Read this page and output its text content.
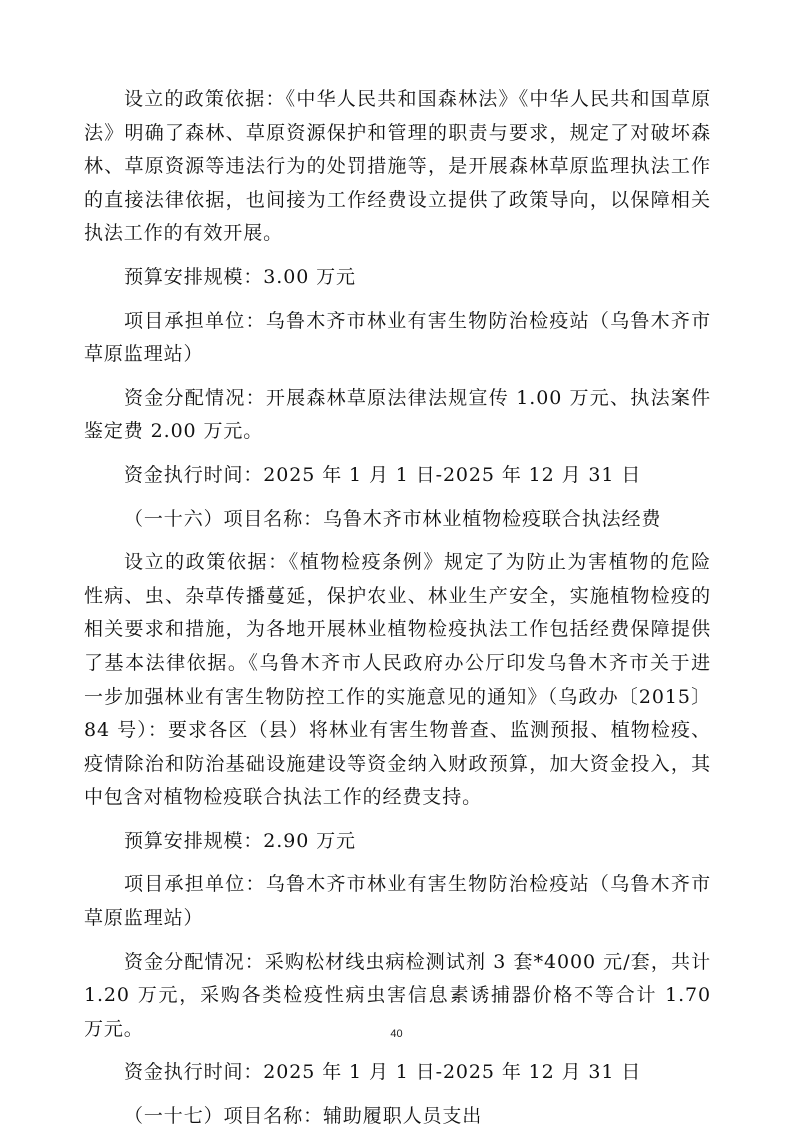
设立的政策依据：《中华人民共和国森林法》《中华人民共和国草原法》明确了森林、草原资源保护和管理的职责与要求，规定了对破坏森林、草原资源等违法行为的处罚措施等，是开展森林草原监理执法工作的直接法律依据，也间接为工作经费设立提供了政策导向，以保障相关执法工作的有效开展。

预算安排规模：3.00 万元

项目承担单位：乌鲁木齐市林业有害生物防治检疫站（乌鲁木齐市草原监理站）

资金分配情况：开展森林草原法律法规宣传 1.00 万元、执法案件鉴定费 2.00 万元。

资金执行时间：2025 年 1 月 1 日-2025 年 12 月 31 日

（一十六）项目名称：乌鲁木齐市林业植物检疫联合执法经费

设立的政策依据：《植物检疫条例》规定了为防止为害植物的危险性病、虫、杂草传播蔓延，保护农业、林业生产安全，实施植物检疫的相关要求和措施，为各地开展林业植物检疫执法工作包括经费保障提供了基本法律依据。《乌鲁木齐市人民政府办公厅印发乌鲁木齐市关于进一步加强林业有害生物防控工作的实施意见的通知》（乌政办〔2015〕84 号）：要求各区（县）将林业有害生物普查、监测预报、植物检疫、疫情除治和防治基础设施建设等资金纳入财政预算，加大资金投入，其中包含对植物检疫联合执法工作的经费支持。

预算安排规模：2.90 万元

项目承担单位：乌鲁木齐市林业有害生物防治检疫站（乌鲁木齐市草原监理站）

资金分配情况：采购松材线虫病检测试剂 3 套*4000 元/套，共计 1.20 万元，采购各类检疫性病虫害信息素诱捕器价格不等合计 1.70 万元。

资金执行时间：2025 年 1 月 1 日-2025 年 12 月 31 日

（一十七）项目名称：辅助履职人员支出

40
